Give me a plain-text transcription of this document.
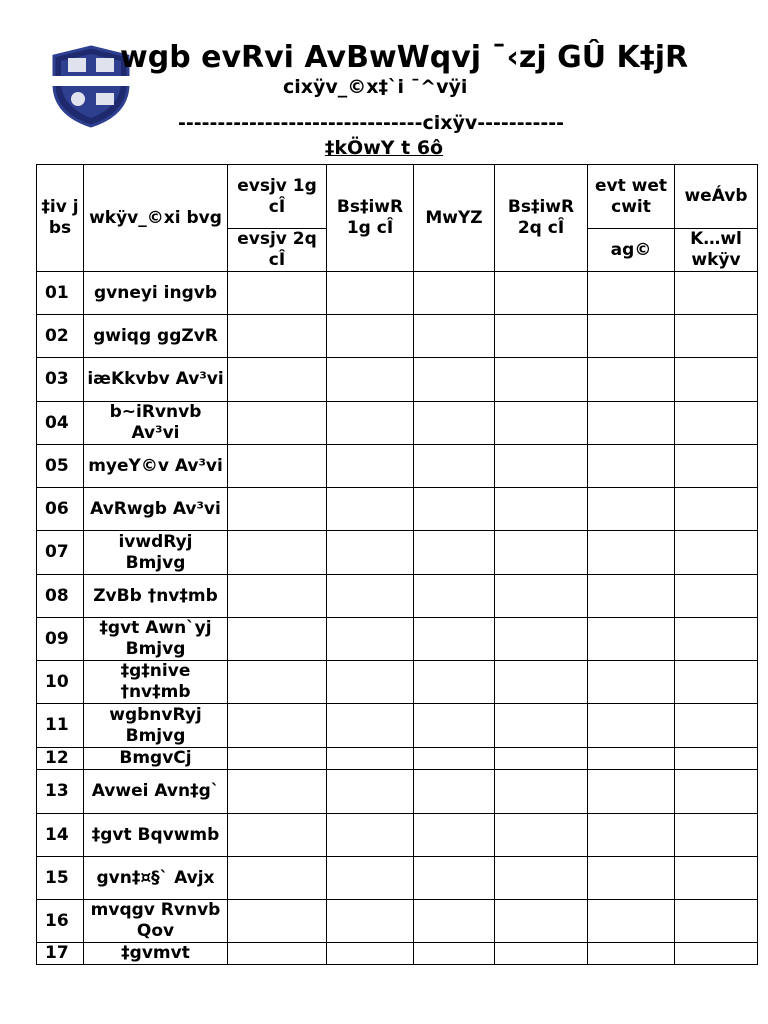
wgb evRvi AvBwWqvj ¯‹zj GÛ K‡jR
cixÿv_©x‡`i ¯^vÿi
-------------------------------cixÿv-----------
‡kÖwY t 6ô
‡iv j bs	wkÿv_©xi bvg	evsjv 1g cÎ	Bs‡iwR 1g cÎ	MwYZ	Bs‡iwR 2q cÎ	evt wet cwit	weÁvb
		evsjv 2q cÎ				ag©	K…wl wkÿv
01	gvneyi ingvb						
02	gwiqg ggZvR						
03	iæKkvbv Av³vi						
04	b~iRvnvb Av³vi						
05	myeY©v Av³vi						
06	AvRwgb Av³vi						
07	ivwdRyj Bmjvg						
08	ZvBb †nv‡mb						
09	‡gvt Awn`yj Bmjvg						
10	‡g‡nive †nv‡mb						
11	wgbnvRyj Bmjvg						
12	BmgvCj						
13	Avwei Avn‡g`						
14	‡gvt Bqvwmb						
15	gvn‡¤§` Avjx						
16	mvqgv Rvnvb Qov						
17	‡gvmvt						
